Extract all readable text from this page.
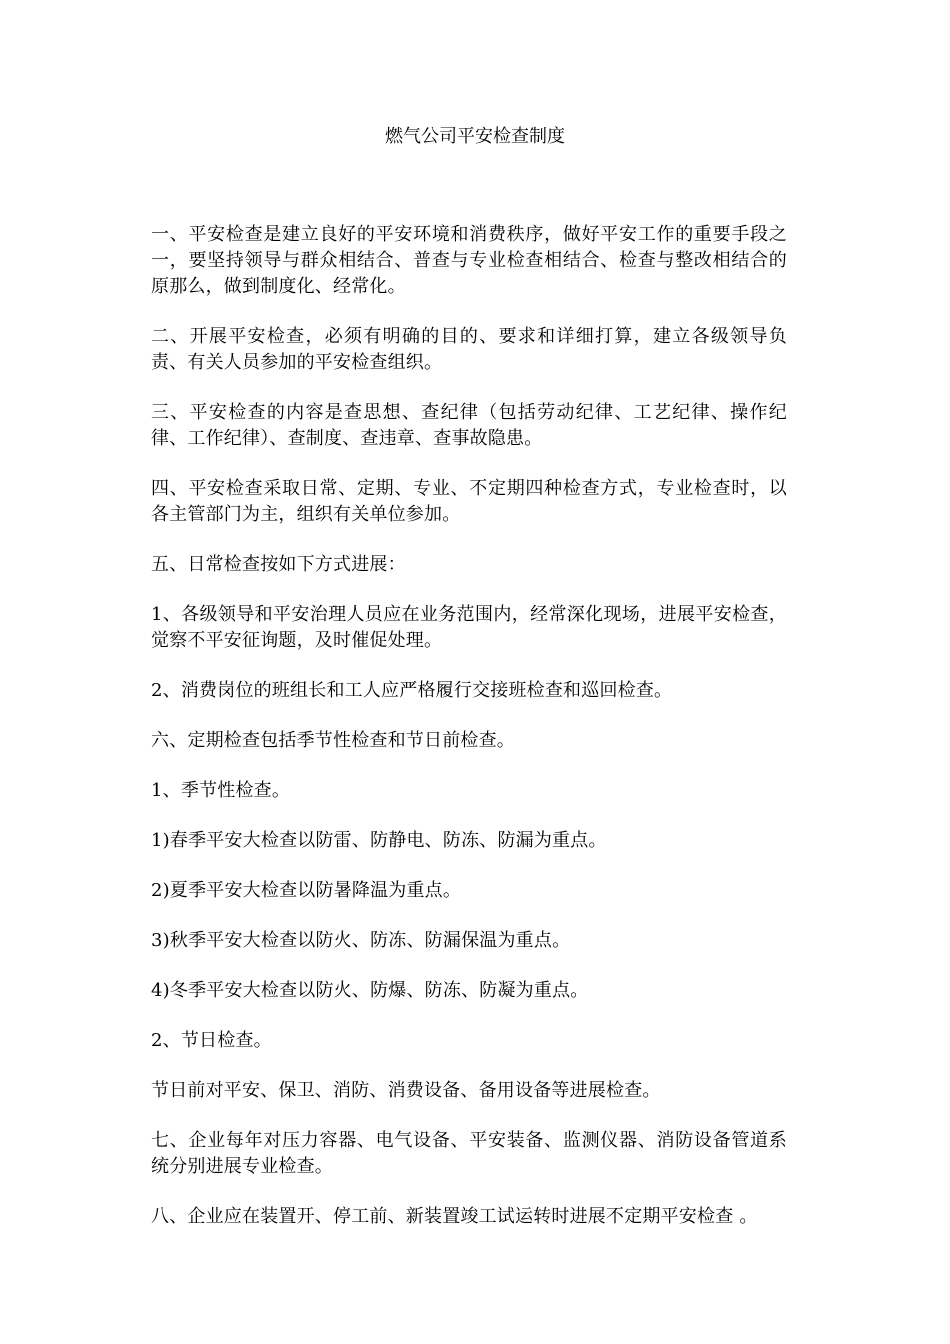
燃气公司平安检查制度

一、平安检查是建立良好的平安环境和消费秩序，做好平安工作的重要手段之一，要坚持领导与群众相结合、普查与专业检查相结合、检查与整改相结合的原那么，做到制度化、经常化。

二、开展平安检查，必须有明确的目的、要求和详细打算，建立各级领导负责、有关人员参加的平安检查组织。

三、平安检查的内容是查思想、查纪律（包括劳动纪律、工艺纪律、操作纪律、工作纪律）、查制度、查违章、查事故隐患。

四、平安检查采取日常、定期、专业、不定期四种检查方式，专业检查时，以各主管部门为主，组织有关单位参加。

五、日常检查按如下方式进展：

1、各级领导和平安治理人员应在业务范围内，经常深化现场，进展平安检查，觉察不平安征询题，及时催促处理。

2、消费岗位的班组长和工人应严格履行交接班检查和巡回检查。

六、定期检查包括季节性检查和节日前检查。

1、季节性检查。

1)春季平安大检查以防雷、防静电、防冻、防漏为重点。

2)夏季平安大检查以防暑降温为重点。

3)秋季平安大检查以防火、防冻、防漏保温为重点。

4)冬季平安大检查以防火、防爆、防冻、防凝为重点。

2、节日检查。

节日前对平安、保卫、消防、消费设备、备用设备等进展检查。

七、企业每年对压力容器、电气设备、平安装备、监测仪器、消防设备管道系统分别进展专业检查。

八、企业应在装置开、停工前、新装置竣工试运转时进展不定期平安检查 。
